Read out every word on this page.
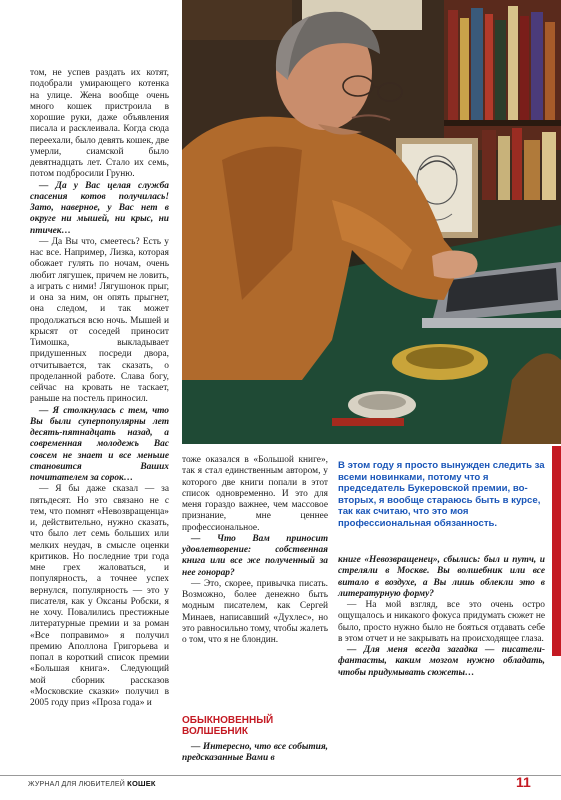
том, не успев раздать их котят, подобрали умирающего котенка на улице. Жена вообще очень много кошек пристроила в хорошие руки, даже объявления писала и расклеивала. Когда сюда переехали, было девять кошек, две умерли, сиамской было девятнадцать лет. Стало их семь, потом подбросили Груню.

— Да у Вас целая служба спасения котов получилась! Зато, наверное, у Вас нет в округе ни мышей, ни крыс, ни птичек…

— Да Вы что, смеетесь? Есть у нас все. Например, Лизка, которая обожает гулять по ночам, очень любит лягушек, причем не ловить, а играть с ними! Лягушонок прыг, и она за ним, он опять прыгнет, она следом, и так может продолжаться всю ночь. Мышей и крысят от соседей приносит Тимошка, выкладывает придушенных посреди двора, отчитывается, так сказать, о проделанной работе. Слава богу, сейчас на кровать не таскает, раньше на постель приносил.

— Я столкнулась с тем, что Вы были суперпопулярны лет десять-пятнадцать назад, а современная молодежь Вас совсем не знает и все меньше становится Ваших почитателем за сорок…

— Я бы даже сказал — за пятьдесят. Но это связано не с тем, что помнят «Невозвращенца» и, действительно, нужно сказать, что было лет семь больших или мелких неудач, в смысле оценки критиков. Но последние три года мне грех жаловаться, и популярность, а точнее успех вернулся, популярность — это у писателя, как у Оксаны Робски, я не хочу. Повалились престижные литературные премии и за роман «Все поправимо» я получил премию Аполлона Григорьева и попал в короткий список премии «Большая книга». Следующий мой сборник рассказов «Московские сказки» получил в 2005 году приз «Проза года» и

тоже оказался в «Большой книге», так я стал единственным автором, у которого две книги попали в этот список одновременно. И это для меня гораздо важнее, чем массовое признание, мне ценнее профессиональное.

— Что Вам приносит удовлетворение: собственная книга или все же полученный за нее гонорар?

— Это, скорее, привычка писать. Возможно, более денежно быть модным писателем, как Сергей Минаев, написавший «Духлес», но это равносильно тому, чтобы жалеть о том, что я не блондин.

ОБЫКНОВЕННЫЙ ВОЛШЕБНИК

— Интересно, что все события, предсказанные Вами в

В этом году я просто вынужден следить за всеми новинками, потому что я председатель Букеровской премии, во-вторых, я вообще стараюсь быть в курсе, так как считаю, что это моя профессиональная обязанность.

книге «Невозвращенец», сбылись: был и путч, и стреляли в Москве. Вы волшебник или все витало в воздухе, а Вы лишь облекли это в литературную форму?

— На мой взгляд, все это очень остро ощущалось и никакого фокуса придумать сюжет не было, просто нужно было не бояться отдавать себе в этом отчет и не закрывать на происходящее глаза.

— Для меня всегда загадка — писатели-фантасты, каким мозгом нужно обладать, чтобы придумывать сюжеты…

ЖУРНАЛ ДЛЯ ЛЮБИТЕЛЕЙ КОШЕК	11
